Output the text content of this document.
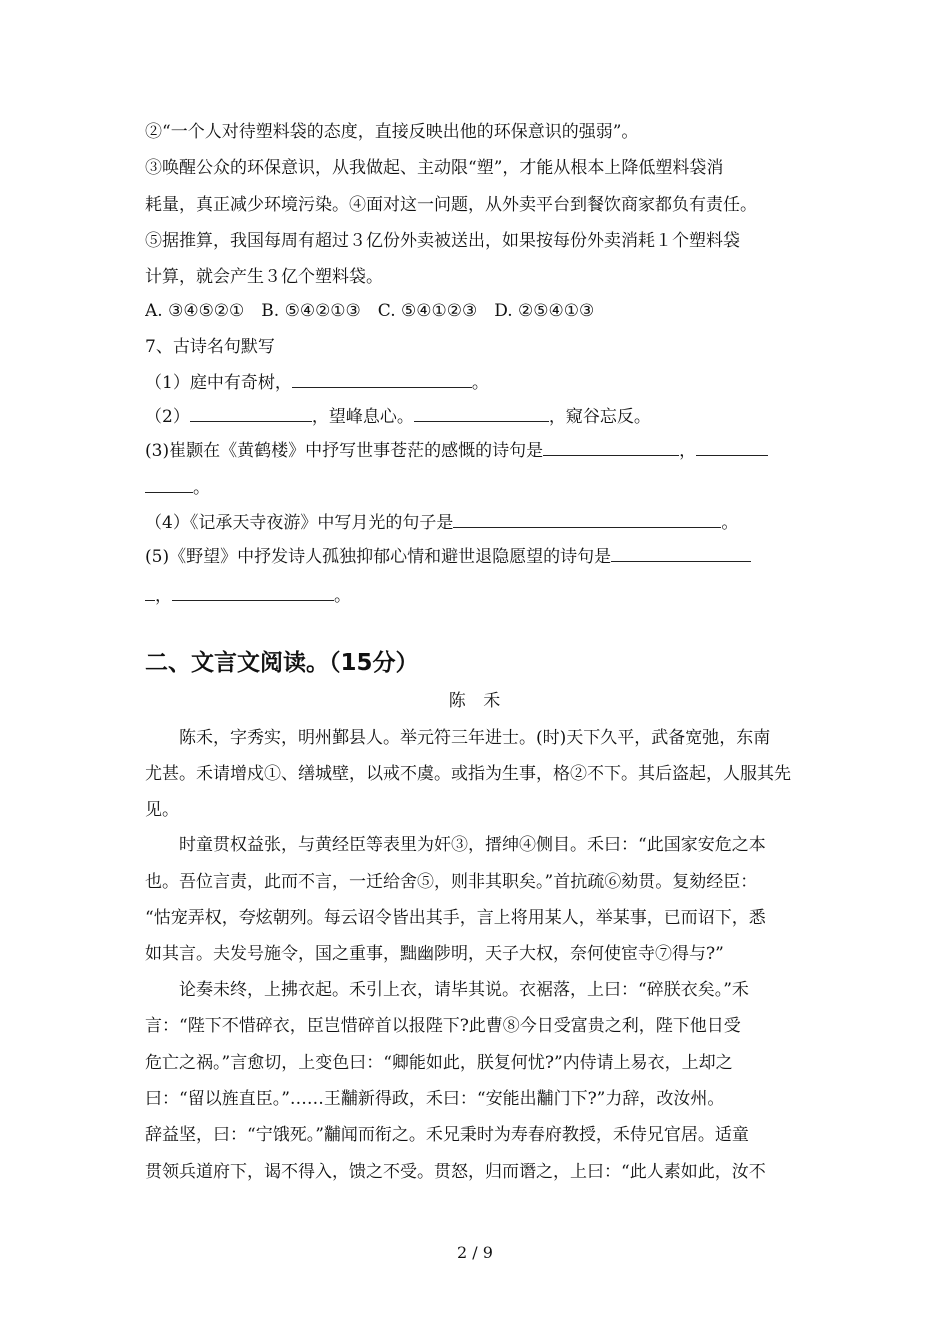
②“一个人对待塑料袋的态度，直接反映出他的环保意识的强弱”。
③唤醒公众的环保意识，从我做起、主动限“塑”，才能从根本上降低塑料袋消
耗量，真正减少环境污染。④面对这一问题，从外卖平台到餐饮商家都负有责任。
⑤据推算，我国每周有超过３亿份外卖被送出，如果按每份外卖消耗１个塑料袋
计算，就会产生３亿个塑料袋。
A. ③④⑤②①　B. ⑤④②①③　C. ⑤④①②③　D. ②⑤④①③
7、古诗名句默写
（1）庭中有奇树，	。
（2）	，望峰息心。	，窥谷忘反。
(3)崔颢在《黄鹤楼》中抒写世事苍茫的感慨的诗句是	，
。
（4）《记承天寺夜游》中写月光的句子是	。
(5)《野望》中抒发诗人孤独抑郁心情和避世退隐愿望的诗句是
，	。
二、文言文阅读。（15分）
陈 禾
陈禾，字秀实，明州鄞县人。举元符三年进士。(时)天下久平，武备宽弛，东南
尤甚。禾请增戍①、缮城壁，以戒不虞。或指为生事，格②不下。其后盗起，人服其先
见。
时童贯权益张，与黄经臣等表里为奸③，搢绅④侧目。禾曰：“此国家安危之本
也。吾位言责，此而不言，一迁给舍⑤，则非其职矣。”首抗疏⑥劾贯。复劾经臣：
“怙宠弄权，夸炫朝列。每云诏令皆出其手，言上将用某人，举某事，已而诏下，悉
如其言。夫发号施令，国之重事，黜幽陟明，天子大权，奈何使宦寺⑦得与?”
论奏未终，上拂衣起。禾引上衣，请毕其说。衣裾落，上曰：“碎朕衣矣。”禾
言：“陛下不惜碎衣，臣岂惜碎首以报陛下?此曹⑧今日受富贵之利，陛下他日受
危亡之祸。”言愈切，上变色曰：“卿能如此，朕复何忧?”内侍请上易衣，上却之
曰：“留以旌直臣。”……王黼新得政，禾曰：“安能出黼门下?”力辞，改汝州。
辞益坚，曰：“宁饿死。”黼闻而衔之。禾兄秉时为寿春府教授，禾侍兄官居。适童
贯领兵道府下，谒不得入，馈之不受。贯怒，归而谮之，上曰：“此人素如此，汝不
2 / 9
